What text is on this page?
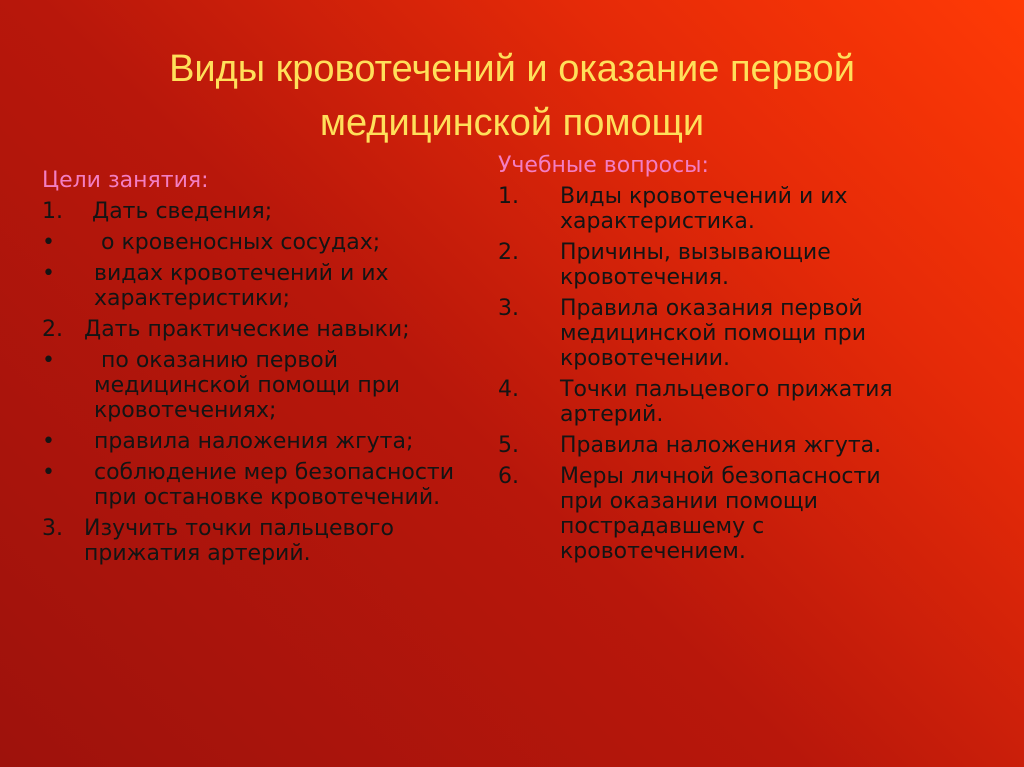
Виды кровотечений и оказание первой медицинской помощи
Цели занятия:
1.	Дать сведения;
•	о кровеносных сосудах;
•	видах кровотечений и их характеристики;
2. Дать практические навыки;
•	по оказанию первой медицинской помощи при кровотечениях;
•	правила наложения жгута;
•	соблюдение мер безопасности при остановке кровотечений.
3. Изучить точки пальцевого прижатия артерий.
Учебные вопросы:
1.	Виды кровотечений и их характеристика.
2.	Причины, вызывающие кровотечения.
3.	Правила оказания первой медицинской помощи при кровотечении.
4.	Точки пальцевого прижатия артерий.
5.	Правила наложения жгута.
6.	Меры личной безопасности при оказании помощи пострадавшему с кровотечением.
